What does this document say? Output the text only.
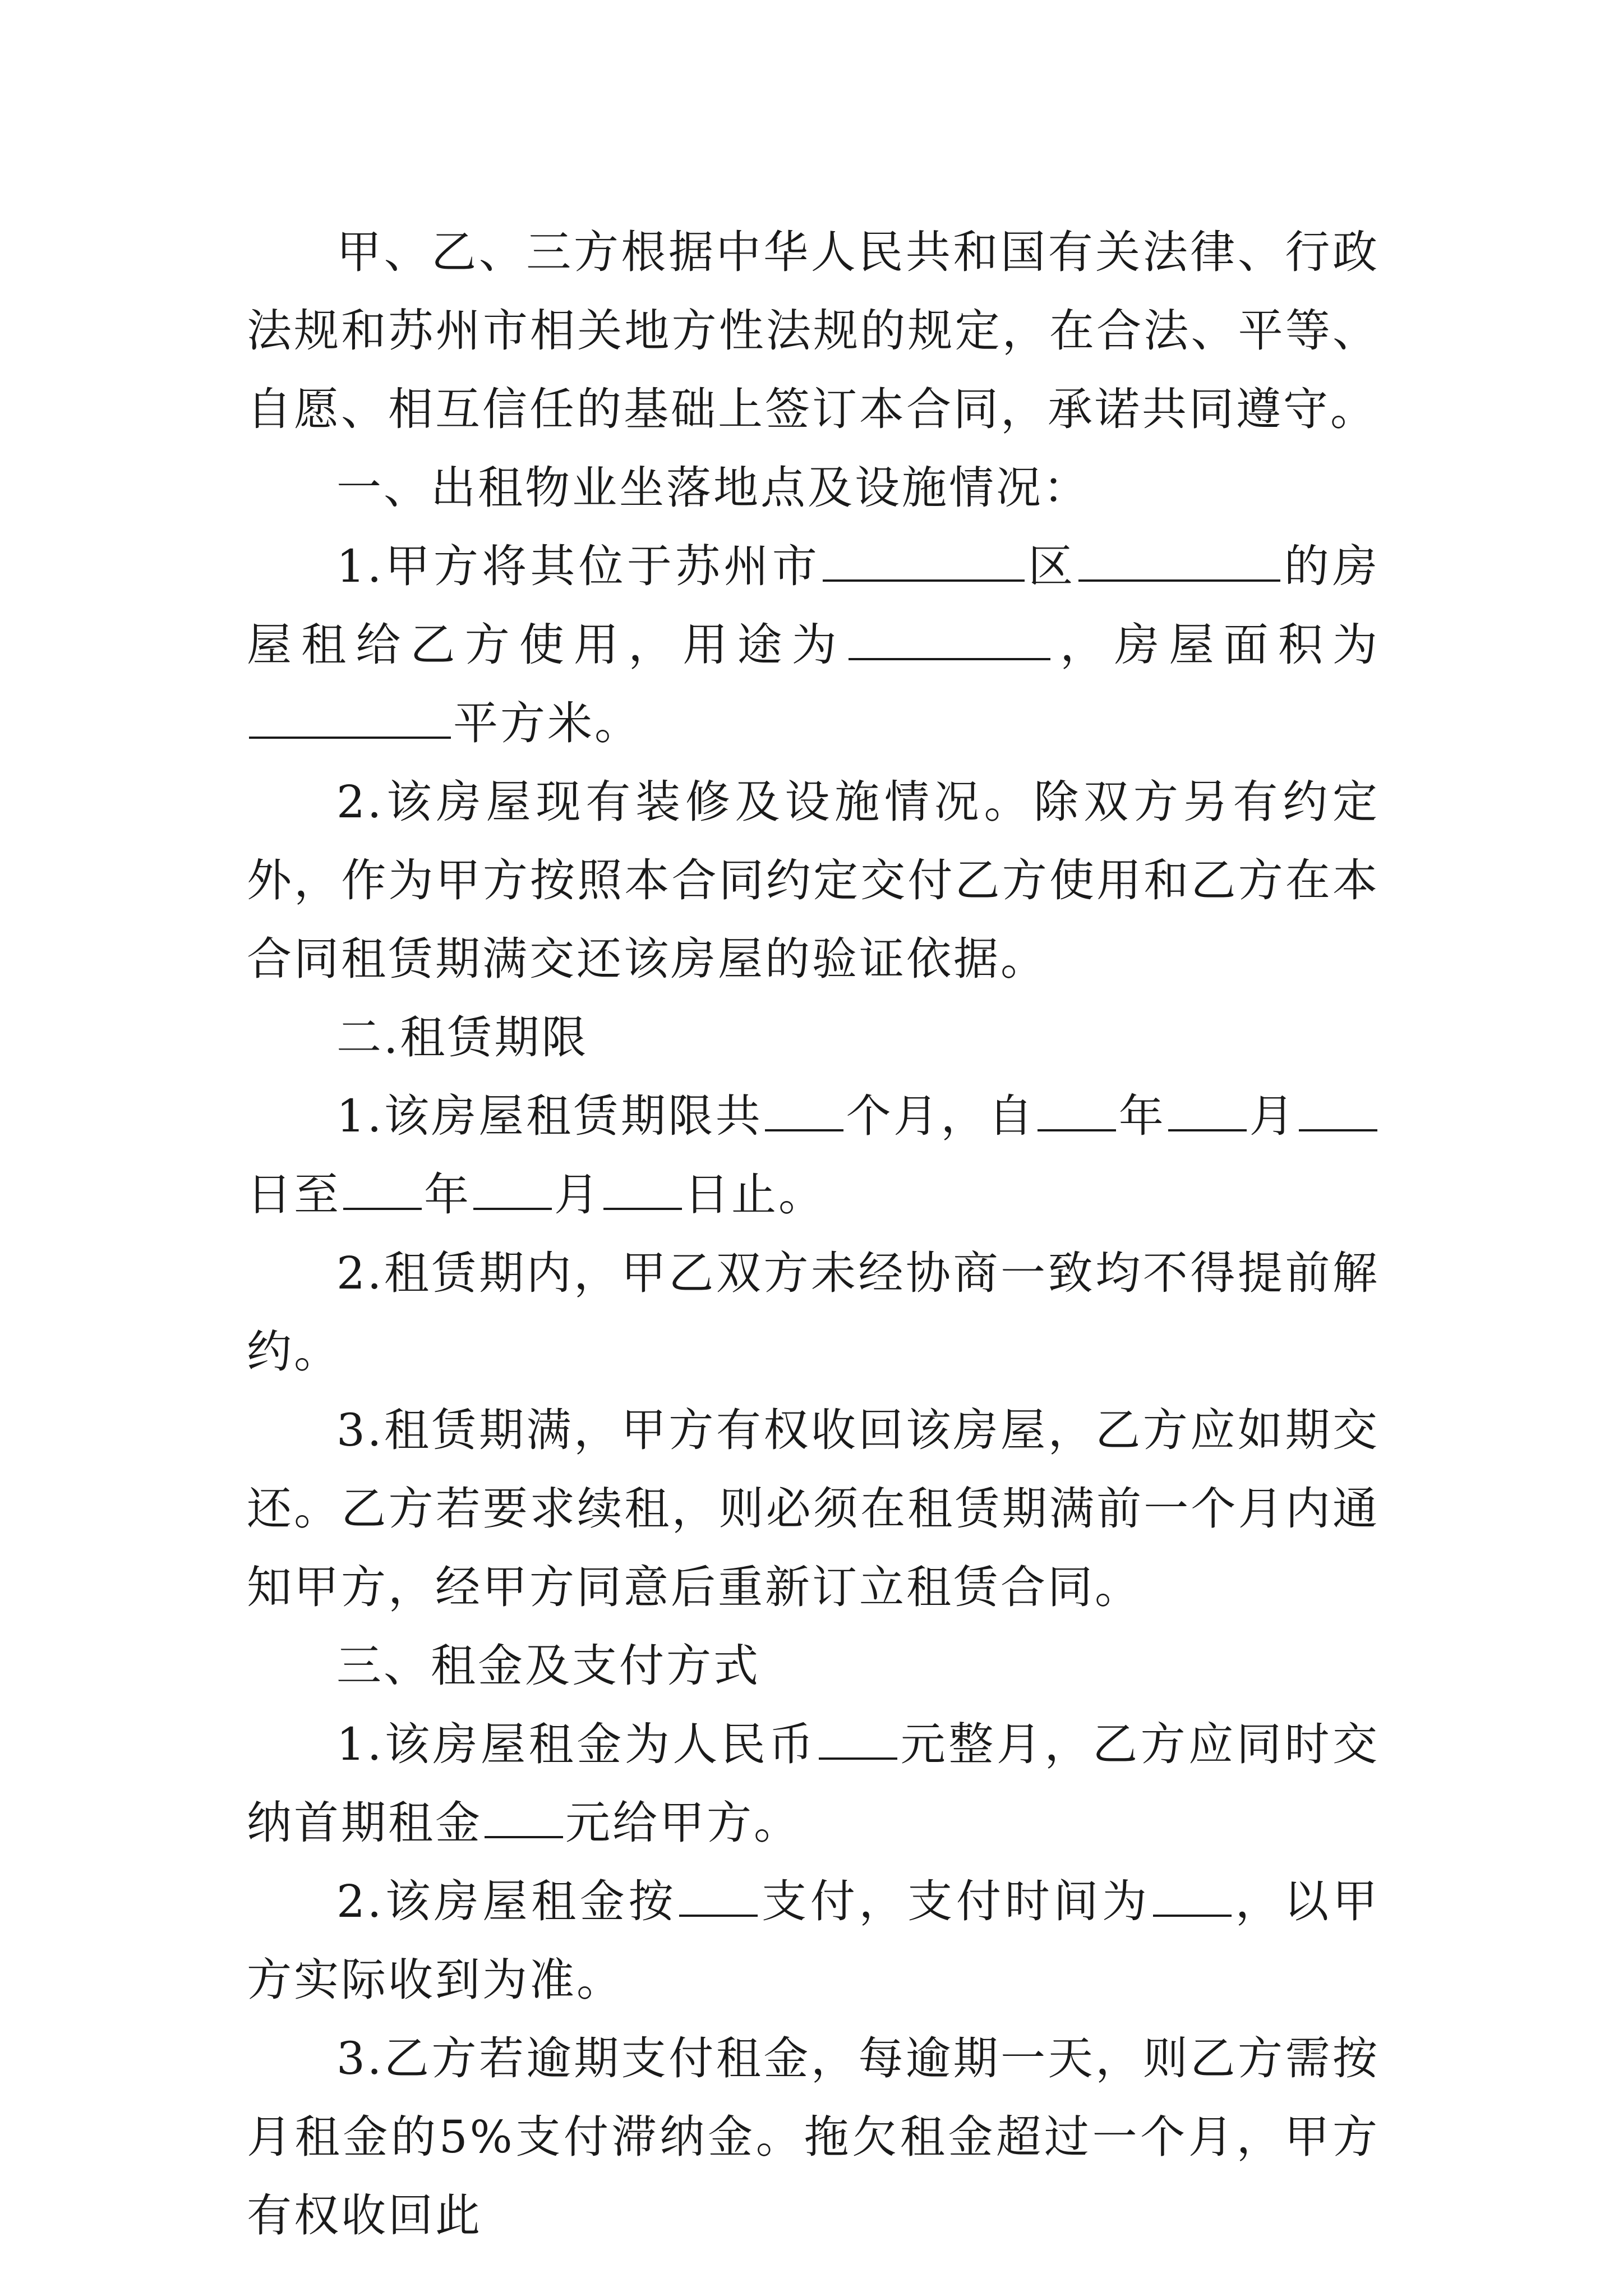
甲、乙、三方根据中华人民共和国有关法律、行政法规和苏州市相关地方性法规的规定，在合法、平等、自愿、相互信任的基础上签订本合同，承诺共同遵守。

一、出租物业坐落地点及设施情况：

1.甲方将其位于苏州市	区	的房屋租给乙方使用，用途为	，房屋面积为平方米。

2.该房屋现有装修及设施情况。除双方另有约定外，作为甲方按照本合同约定交付乙方使用和乙方在本合同租赁期满交还该房屋的验证依据。

二.租赁期限

1.该房屋租赁期限共 个月，自 年 月日至 年 月 日止。

2.租赁期内，甲乙双方未经协商一致均不得提前解约。

3.租赁期满，甲方有权收回该房屋，乙方应如期交还。乙方若要求续租，则必须在租赁期满前一个月内通知甲方，经甲方同意后重新订立租赁合同。

三、租金及支付方式

1.该房屋租金为人民币 元整月，乙方应同时交纳首期租金 元给甲方。

2.该房屋租金按 支付，支付时间为 ，以甲方实际收到为准。

3.乙方若逾期支付租金，每逾期一天，则乙方需按月租金的5%支付滞纳金。拖欠租金超过一个月，甲方有权收回此
